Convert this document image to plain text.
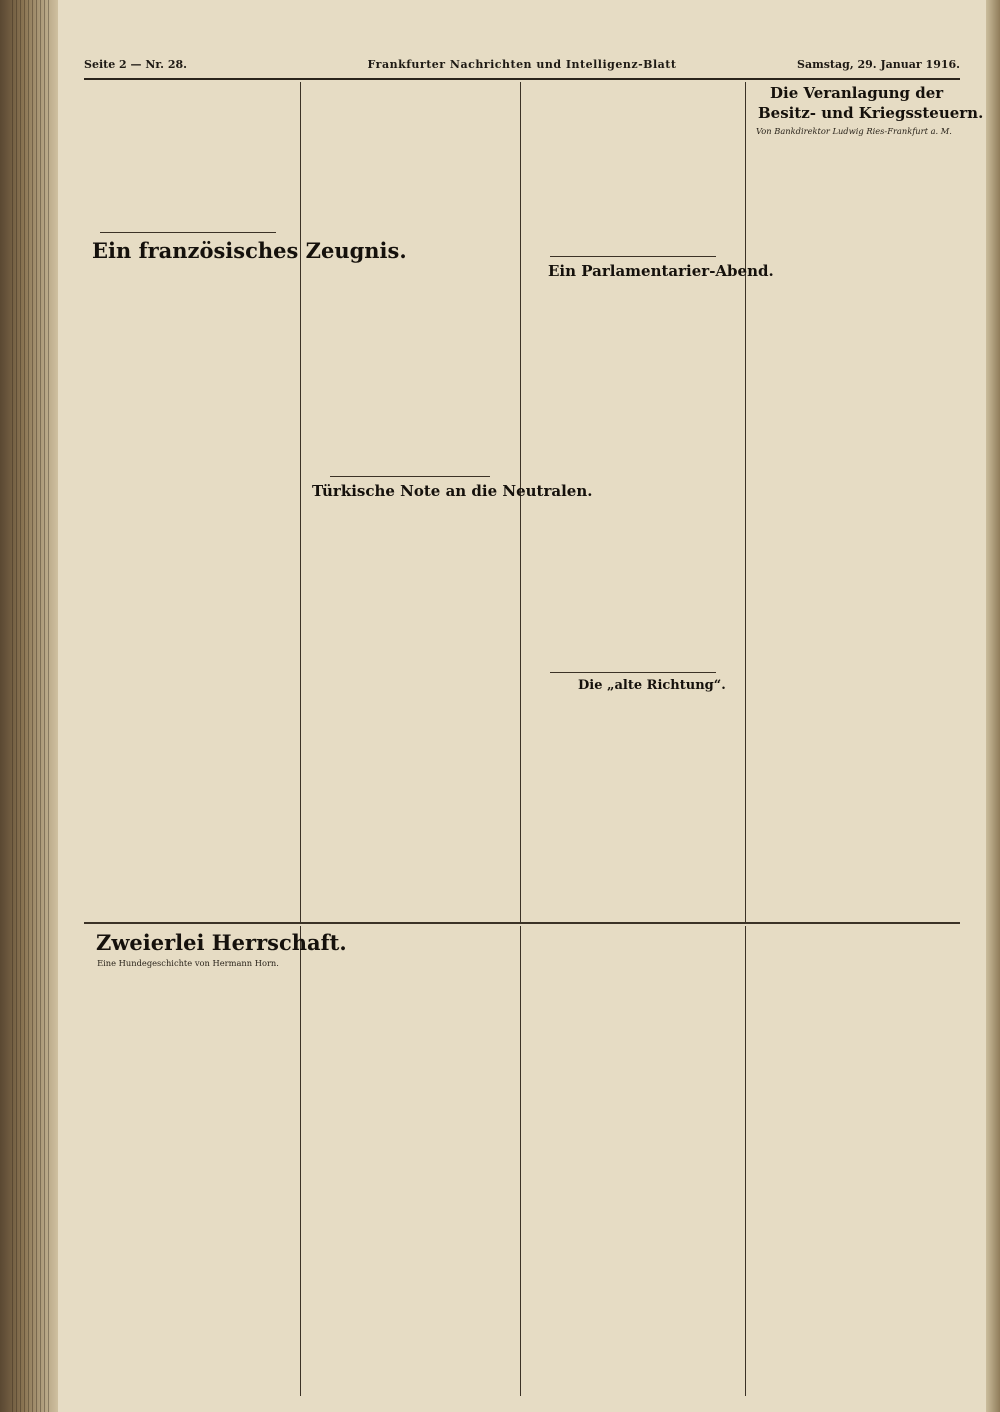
Seite 2 — Nr. 28.	Frankfurter Nachrichten und Intelligenz-Blatt	Samstag, 29. Januar 1916.
Ein französisches Zeugnis.
Türkische Note an die Neutralen.
Ein Parlamentarier-Abend.
Die „alte Richtung“.
Die Veranlagung der
Besitz- und Kriegssteuern.
Von Bankdirektor Ludwig Ries-Frankfurt a. M.
Zweierlei Herrschaft.
Eine Hundegeschichte von Hermann Horn.
